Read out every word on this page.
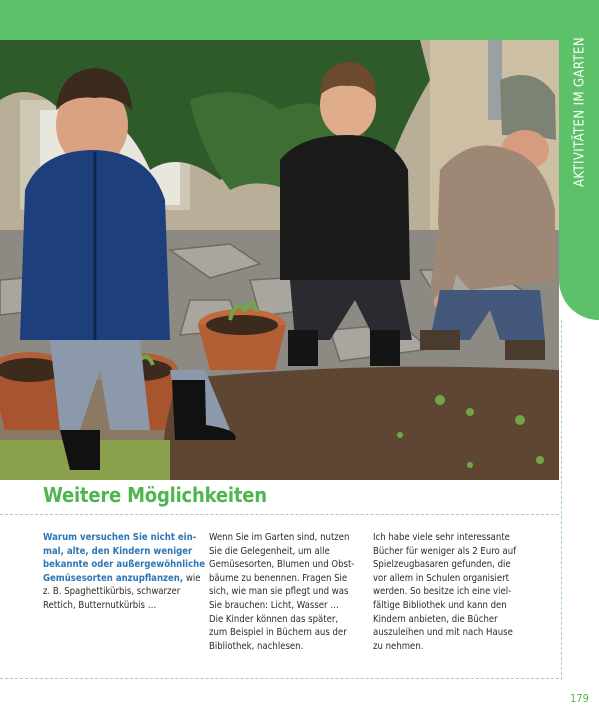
AKTIVITÄTEN IM GARTEN
Weitere Möglichkeiten
Warum versuchen Sie nicht ein-
mal, alte, den Kindern weniger
bekannte oder außergewöhnliche
Gemüsesorten anzupflanzen, wie
z. B. Spaghettikürbis, schwarzer
Rettich, Butternutkürbis …
Wenn Sie im Garten sind, nutzen
Sie die Gelegenheit, um alle
Gemüsesorten, Blumen und Obst-
bäume zu benennen. Fragen Sie
sich, wie man sie pflegt und was
Sie brauchen: Licht, Wasser …
Die Kinder können das später,
zum Beispiel in Büchern aus der
Bibliothek, nachlesen.
Ich habe viele sehr interessante
Bücher für weniger als 2 Euro auf
Spielzeugbasaren gefunden, die
vor allem in Schulen organisiert
werden. So besitze ich eine viel-
fältige Bibliothek und kann den
Kindern anbieten, die Bücher
auszuleihen und mit nach Hause
zu nehmen.
179
